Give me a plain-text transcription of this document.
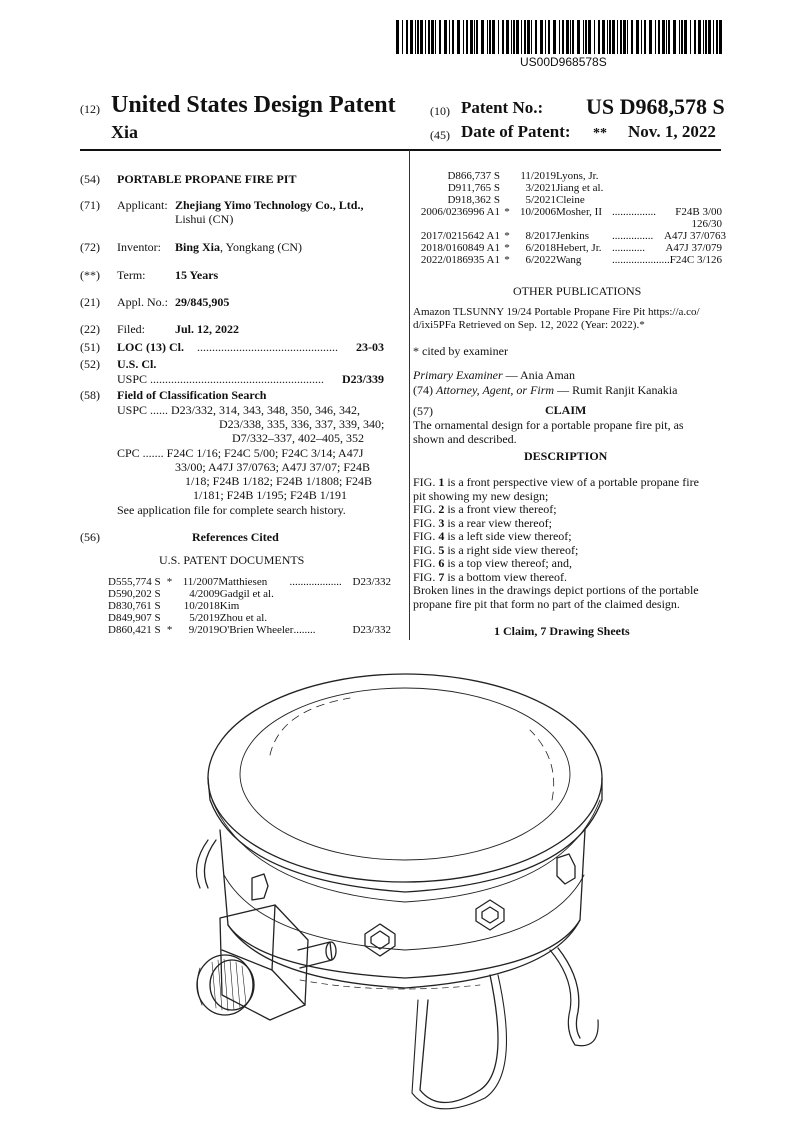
US00D968578S
(12) United States Design Patent
Xia
(10) Patent No.: US D968,578 S
(45) Date of Patent: ** Nov. 1, 2022
(54) PORTABLE PROPANE FIRE PIT
(71) Applicant: Zhejiang Yimo Technology Co., Ltd.,
Lishui (CN)
(72) Inventor: Bing Xia, Yongkang (CN)
(**) Term: 15 Years
(21) Appl. No.: 29/845,905
(22) Filed: Jul. 12, 2022
(51) LOC (13) Cl. ............................................... 23-03
(52) U.S. Cl.
USPC .......................................................... D23/339
(58) Field of Classification Search
USPC ...... D23/332, 314, 343, 348, 350, 346, 342,
D23/338, 335, 336, 337, 339, 340;
D7/332–337, 402–405, 352
CPC ....... F24C 1/16; F24C 5/00; F24C 3/14; A47J
33/00; A47J 37/0763; A47J 37/07; F24B
1/18; F24B 1/182; F24B 1/1808; F24B
1/181; F24B 1/195; F24B 1/191
See application file for complete search history.
(56)	References Cited
U.S. PATENT DOCUMENTS
D555,774 S * 11/2007 Matthiesen	................... D23/332
D590,202 S	4/2009 Gadgil et al.
D830,761 S	10/2018 Kim
D849,907 S	5/2019 Zhou et al.
D860,421 S *	9/2019 O'Brien Wheeler ........	D23/332
D866,737 S	11/2019 Lyons, Jr.
D911,765 S	3/2021 Jiang et al.
D918,362 S	5/2021 Cleine
2006/0236996 A1 * 10/2006 Mosher, II ................	F24B 3/00
126/30
2017/0215642 A1 *	8/2017 Jenkins	............... A47J 37/0763
2018/0160849 A1 *	6/2018 Hebert, Jr. ............	A47J 37/079
2022/0186935 A1 *	6/2022 Wang	......................
F24C 3/126
OTHER PUBLICATIONS
Amazon TLSUNNY 19/24 Portable Propane Fire Pit https://a.co/
d/ixi5PFa Retrieved on Sep. 12, 2022 (Year: 2022).*
* cited by examiner
Primary Examiner — Ania Aman
(74) Attorney, Agent, or Firm — Rumit Ranjit Kanakia
(57)	CLAIM
The ornamental design for a portable propane fire pit, as
shown and described.
DESCRIPTION
FIG. 1 is a front perspective view of a portable propane fire
pit showing my new design;
FIG. 2 is a front view thereof;
FIG. 3 is a rear view thereof;
FIG. 4 is a left side view thereof;
FIG. 5 is a right side view thereof;
FIG. 6 is a top view thereof; and,
FIG. 7 is a bottom view thereof.
Broken lines in the drawings depict portions of the portable
propane fire pit that form no part of the claimed design.
1 Claim, 7 Drawing Sheets
